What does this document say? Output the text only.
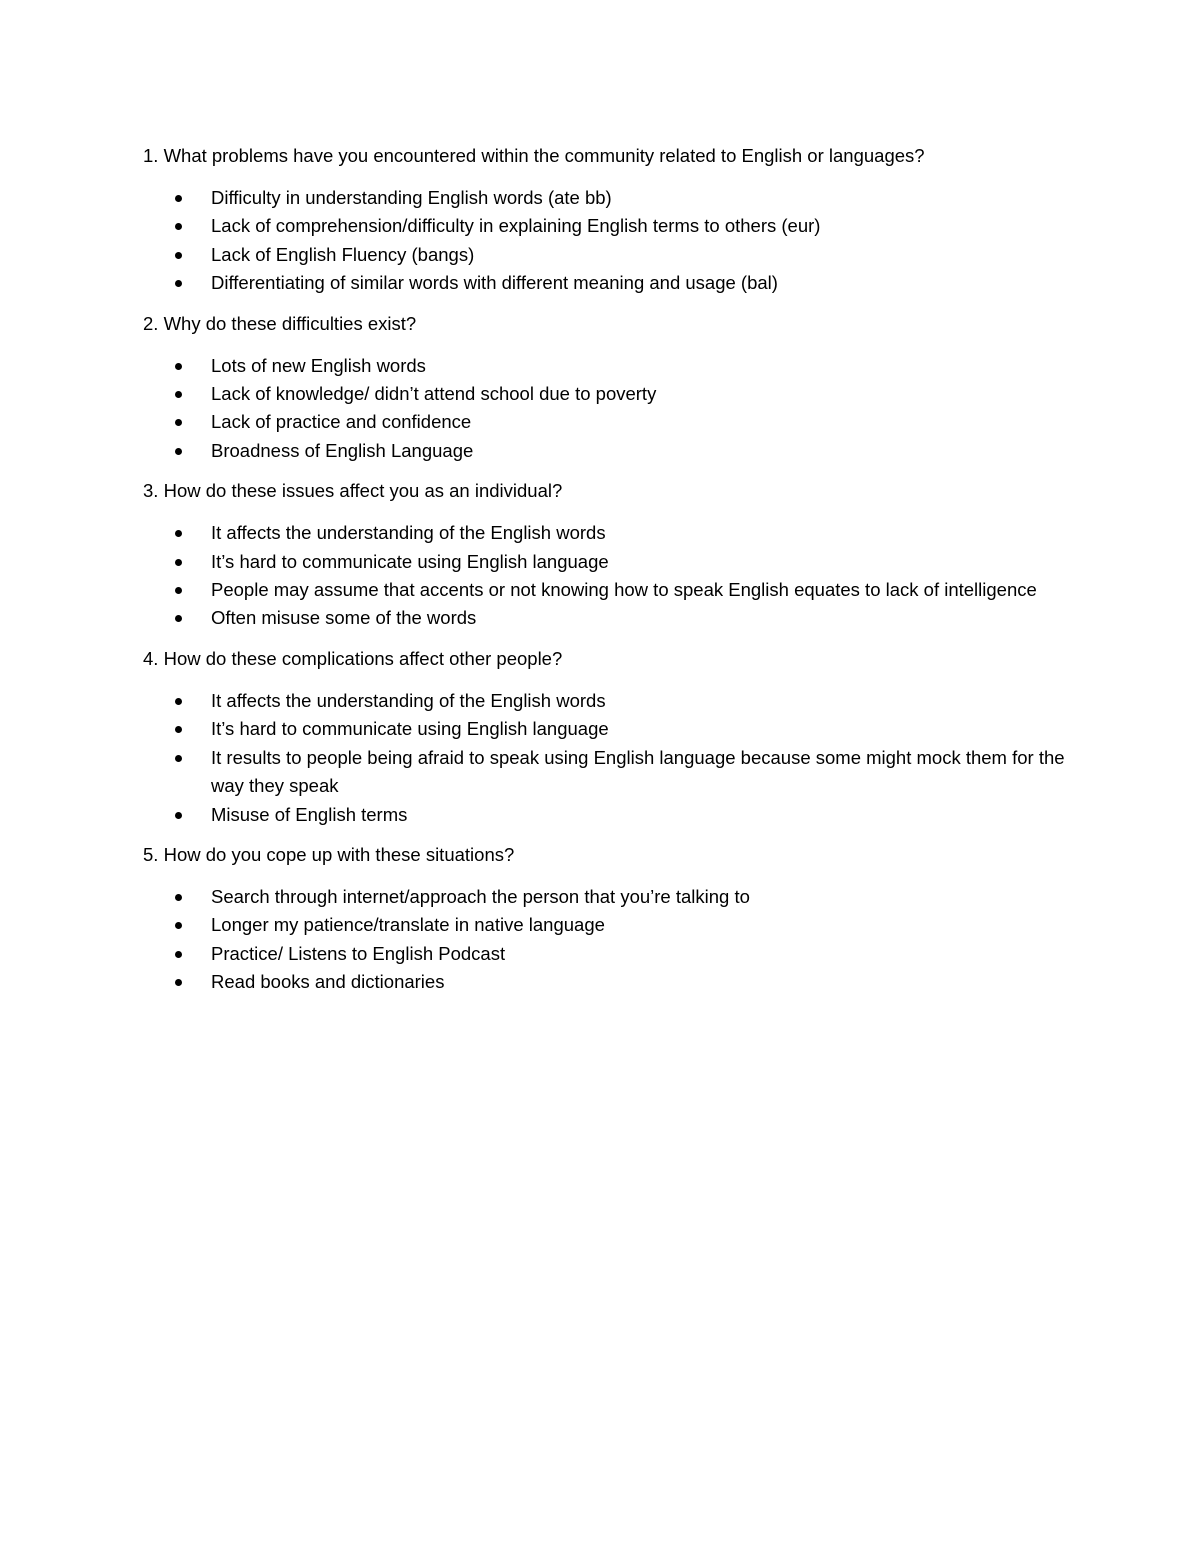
1. What problems have you encountered within the community related to English or languages?
Difficulty in understanding English words (ate bb)
Lack of comprehension/difficulty in explaining English terms to others (eur)
Lack of English Fluency (bangs)
Differentiating of similar words with different meaning and usage (bal)
2. Why do these difficulties exist?
Lots of new English words
Lack of knowledge/ didn’t attend school due to poverty
Lack of practice and confidence
Broadness of English Language
3. How do these issues affect you as an individual?
It affects the understanding of the English words
It’s hard to communicate using English language
People may assume that accents or not knowing how to speak English equates to lack of intelligence
Often misuse some of the words
4. How do these complications affect other people?
It affects the understanding of the English words
It’s hard to communicate using English language
It results to people being afraid to speak using English language because some might mock them for the way they speak
Misuse of English terms
5. How do you cope up with these situations?
Search through internet/approach the person that you’re talking to
Longer my patience/translate in native language
Practice/ Listens to English Podcast
Read books and dictionaries
